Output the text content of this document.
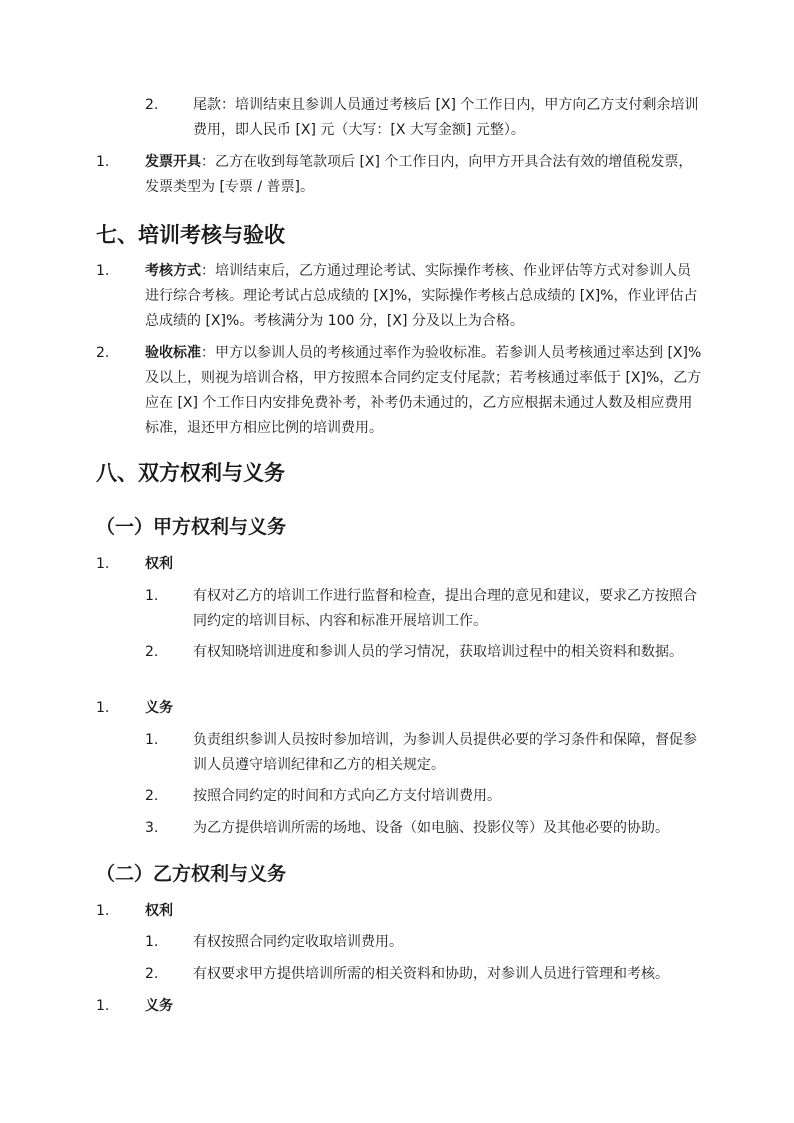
2.	尾款：培训结束且参训人员通过考核后 [X] 个工作日内，甲方向乙方支付剩余培训费用，即人民币 [X] 元（大写：[X 大写金额] 元整）。
1.	发票开具：乙方在收到每笔款项后 [X] 个工作日内，向甲方开具合法有效的增值税发票，发票类型为 [专票 / 普票]。
七、培训考核与验收
1.	考核方式：培训结束后，乙方通过理论考试、实际操作考核、作业评估等方式对参训人员进行综合考核。理论考试占总成绩的 [X]%，实际操作考核占总成绩的 [X]%，作业评估占总成绩的 [X]%。考核满分为 100 分，[X] 分及以上为合格。
2.	验收标准：甲方以参训人员的考核通过率作为验收标准。若参训人员考核通过率达到 [X]% 及以上，则视为培训合格，甲方按照本合同约定支付尾款；若考核通过率低于 [X]%，乙方应在 [X] 个工作日内安排免费补考，补考仍未通过的，乙方应根据未通过人数及相应费用标准，退还甲方相应比例的培训费用。
八、双方权利与义务
（一）甲方权利与义务
1.	权利
1.	有权对乙方的培训工作进行监督和检查，提出合理的意见和建议，要求乙方按照合同约定的培训目标、内容和标准开展培训工作。
2.	有权知晓培训进度和参训人员的学习情况，获取培训过程中的相关资料和数据。
1.	义务
1.	负责组织参训人员按时参加培训，为参训人员提供必要的学习条件和保障，督促参训人员遵守培训纪律和乙方的相关规定。
2.	按照合同约定的时间和方式向乙方支付培训费用。
3.	为乙方提供培训所需的场地、设备（如电脑、投影仪等）及其他必要的协助。
（二）乙方权利与义务
1.	权利
1.	有权按照合同约定收取培训费用。
2.	有权要求甲方提供培训所需的相关资料和协助，对参训人员进行管理和考核。
1.	义务
